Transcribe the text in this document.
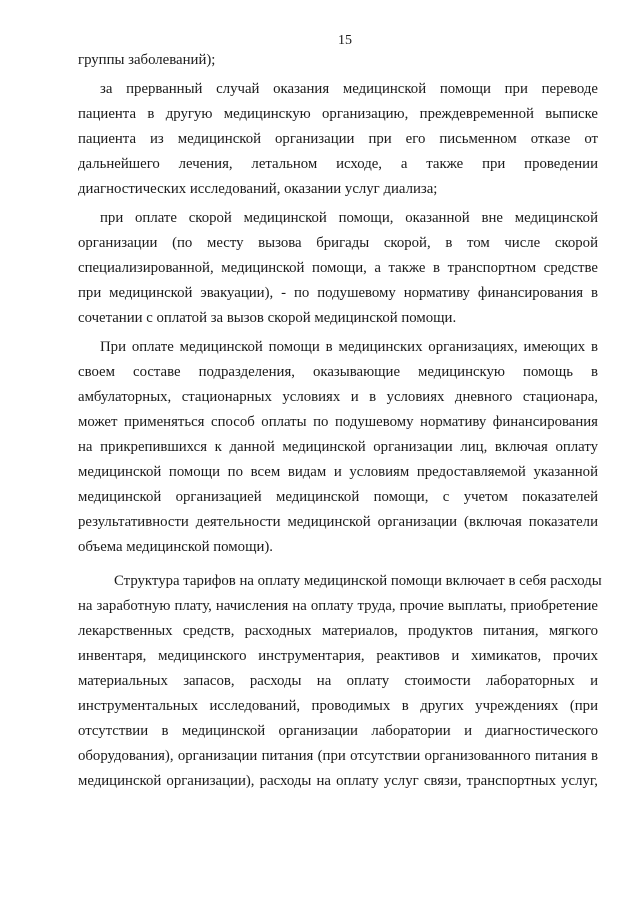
15
группы заболеваний);
за прерванный случай оказания медицинской помощи при переводе
пациента в другую медицинскую организацию, преждевременной выписке
пациента из медицинской организации при его письменном отказе от
дальнейшего лечения, летальном исходе, а также при проведении
диагностических исследований, оказании услуг диализа;
при оплате скорой медицинской помощи, оказанной вне медицинской
организации (по месту вызова бригады скорой, в том числе скорой
специализированной, медицинской помощи, а также в транспортном средстве
при медицинской эвакуации), - по подушевому нормативу финансирования в
сочетании с оплатой за вызов скорой медицинской помощи.
При оплате медицинской помощи в медицинских организациях, имеющих в
своем составе подразделения, оказывающие медицинскую помощь в
амбулаторных, стационарных условиях и в условиях дневного стационара,
может применяться способ оплаты по подушевому нормативу финансирования
на прикрепившихся к данной медицинской организации лиц, включая оплату
медицинской помощи по всем видам и условиям предоставляемой указанной
медицинской организацией медицинской помощи, с учетом показателей
результативности деятельности медицинской организации (включая показатели
объема медицинской помощи).
Структура тарифов на оплату медицинской помощи включает в себя расходы
на заработную плату, начисления на оплату труда, прочие выплаты, приобретение
лекарственных средств, расходных материалов, продуктов питания, мягкого
инвентаря, медицинского инструментария, реактивов и химикатов, прочих
материальных запасов, расходы на оплату стоимости лабораторных и
инструментальных исследований, проводимых в других учреждениях (при
отсутствии в медицинской организации лаборатории и диагностического
оборудования), организации питания (при отсутствии организованного питания в
медицинской организации), расходы на оплату услуг связи, транспортных услуг,
